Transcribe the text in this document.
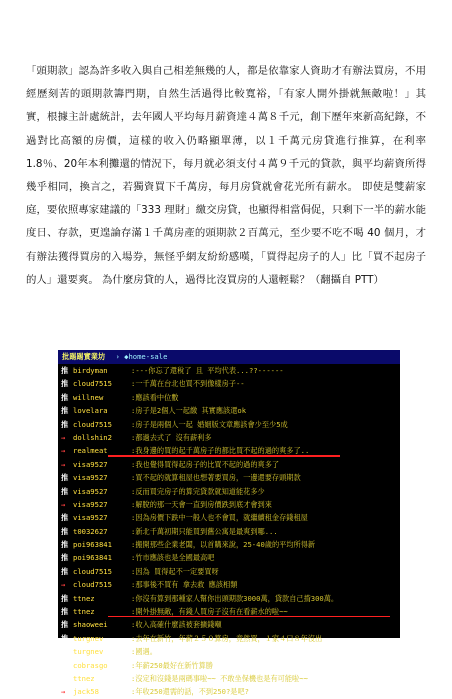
「頭期款」認為許多收入與自己相差無幾的人，都是依靠家人資助才有辦法買房，不用經歷刻苦的頭期款籌門期，自然生活過得比較寬裕，「有家人開外掛就無敵啦！」其實，根據主計處統計，去年國人平均每月薪資達４萬８千元，創下歷年來新高紀錄，不過對比高額的房價，這樣的收入仍略顯單薄，以１千萬元房貸進行推算，在利率1.8％、20年本利攤還的情況下，每月就必須支付４萬９千元的貸款，與平均薪資所得幾乎相同，換言之，若獨資買下千萬房，每月房貸就會花光所有薪水。 即使是雙薪家庭，要依照專家建議的「333 理財」繳交房貸，也顯得相當侷促，只剩下一半的薪水能度日、存款，更遑論存滿１千萬房產的頭期款２百萬元，至少要不吃不喝 40 個月，才有辦法獲得買房的入場券，無怪乎網友紛紛感嘆，「買得起房子的人」比「買不起房子的人」還要爽。 為什麼房貸的人，過得比沒買房的人還輕鬆？（翻攝自 PTT）

批踢踢實業坊 › ◆home-sale
推 birdyman	:---你忘了還稅了 且 平均代表...??------
推 cloud7515	:一千萬在台北也買不到像樣房子--
推 willnew	:應該看中位數
推 lovelara	:房子是2個人一起繳 其實應該還ok
推 cloud7515	:房子是兩個人一起 婚姻版文章應該會少至少5成
→ dollshin2	:都過去式了 沒有薪利多
→ realmeat	:我身邊的買的起千萬房子的都比買不起的過的爽多了..
→ visa9527	:我也覺得買得起房子的比買不起的過的爽多了
推 visa9527	:買不起的就算租屋也想著要買房，一邊還要存頭期款
推 visa9527	:反而買完房子的算完貸款就知道能花多少
→ visa9527	:解脫的那一天會一直到房價跌到底才會到來
推 visa9527	:因為房價下跌中一般人也不會買，就繼續租金存錢租屋
推 t0032627	:新北千萬初期只能買到舊公寓是最爽到哪...
推 poi963841	:搬開那些企業老闆，以首購來說，25-40歲的平均所得新
推 poi963841	:竹市應該也是全國最高吧
推 cloud7515	:因為 買得起不一定要買呀
→ cloud7515	:那事後不買有 拿去救 應該相類
推 ttnez	:你沒有算到那種家人幫你出頭期款3000萬，貸款自己揹300萬。
推 ttnez	:開外掛無敵，有錢人買房子沒有在看薪水的啦~~
推 shaoweei	:收入高確什麼該被套擴錢噸
推 turgnev	:去年在新竹，年薪２５０算房，竟然買，１家４口８年沒出
推 turgnev	:國遇。
推 cobrasgo	:年薪250最好在新竹算勝
推 ttnez	:沒定和沒錢是兩碼事啦~~ 不敢坐保機也是有可能啦~~
→ jack58	:年收250還需的話，不到250?是吧?
